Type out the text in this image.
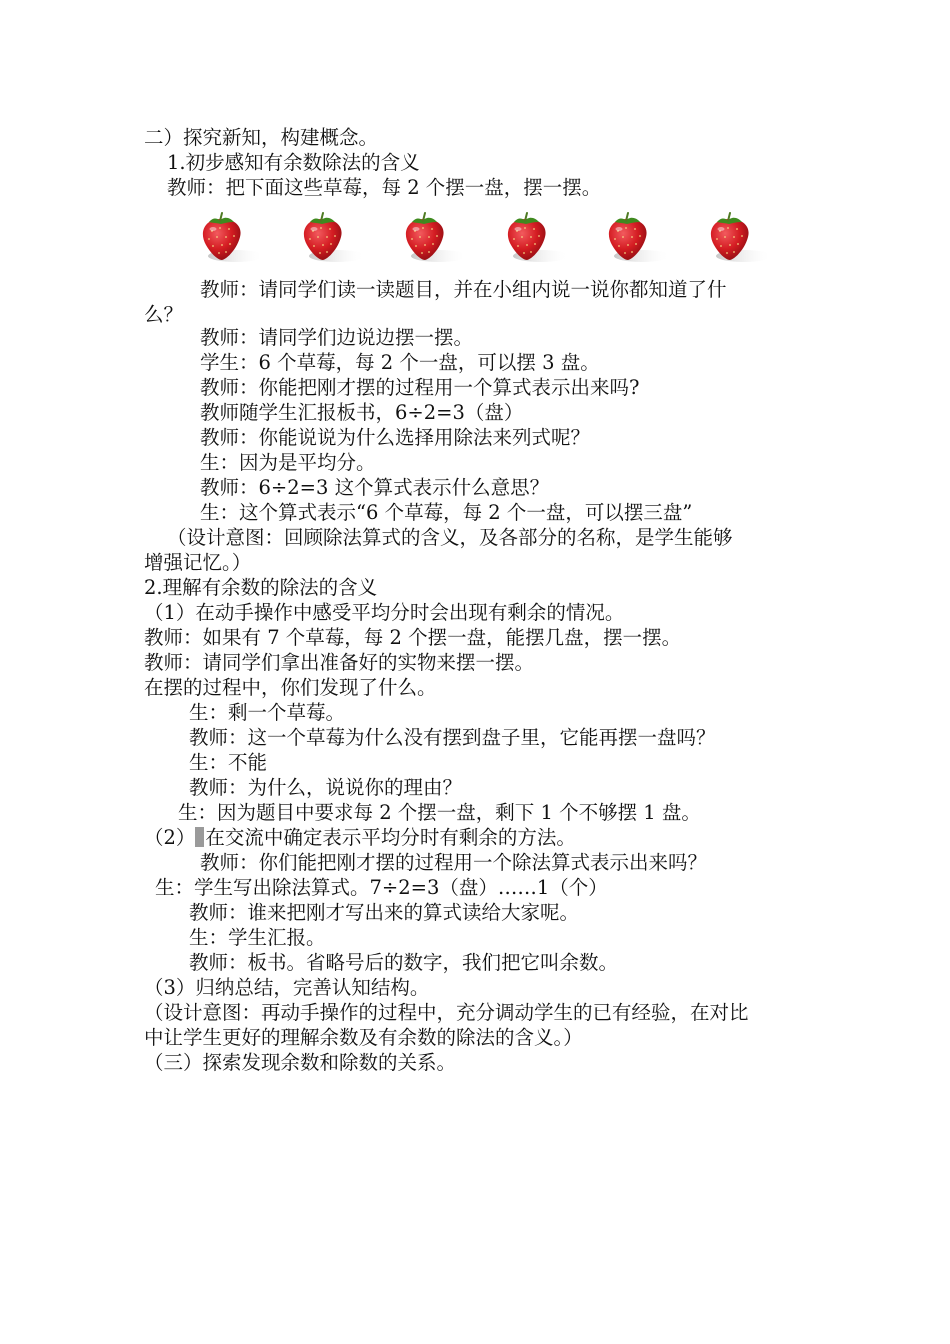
二）探究新知，构建概念。
1.初步感知有余数除法的含义
教师：把下面这些草莓，每 2 个摆一盘，摆一摆。
教师：请同学们读一读题目，并在小组内说一说你都知道了什
么？
教师：请同学们边说边摆一摆。
学生：6 个草莓，每 2 个一盘，可以摆 3 盘。
教师：你能把刚才摆的过程用一个算式表示出来吗?
教师随学生汇报板书，6÷2=3（盘）
教师：你能说说为什么选择用除法来列式呢？
生：因为是平均分。
教师：6÷2=3 这个算式表示什么意思？
生：这个算式表示“6 个草莓，每 2 个一盘，可以摆三盘”
（设计意图：回顾除法算式的含义，及各部分的名称，是学生能够
增强记忆。）
2.理解有余数的除法的含义
（1）在动手操作中感受平均分时会出现有剩余的情况。
教师：如果有 7 个草莓，每 2 个摆一盘，能摆几盘，摆一摆。
教师：请同学们拿出准备好的实物来摆一摆。
在摆的过程中，你们发现了什么。
生：剩一个草莓。
教师：这一个草莓为什么没有摆到盘子里，它能再摆一盘吗？
生：不能
教师：为什么，说说你的理由？
生：因为题目中要求每 2 个摆一盘，剩下 1 个不够摆 1 盘。
（2） 在交流中确定表示平均分时有剩余的方法。
教师：你们能把刚才摆的过程用一个除法算式表示出来吗？
生：学生写出除法算式。7÷2=3（盘）……1（个）
教师：谁来把刚才写出来的算式读给大家呢。
生：学生汇报。
教师：板书。省略号后的数字，我们把它叫余数。
（3）归纳总结，完善认知结构。
（设计意图：再动手操作的过程中，充分调动学生的已有经验，在对比
中让学生更好的理解余数及有余数的除法的含义。）
（三）探索发现余数和除数的关系。
